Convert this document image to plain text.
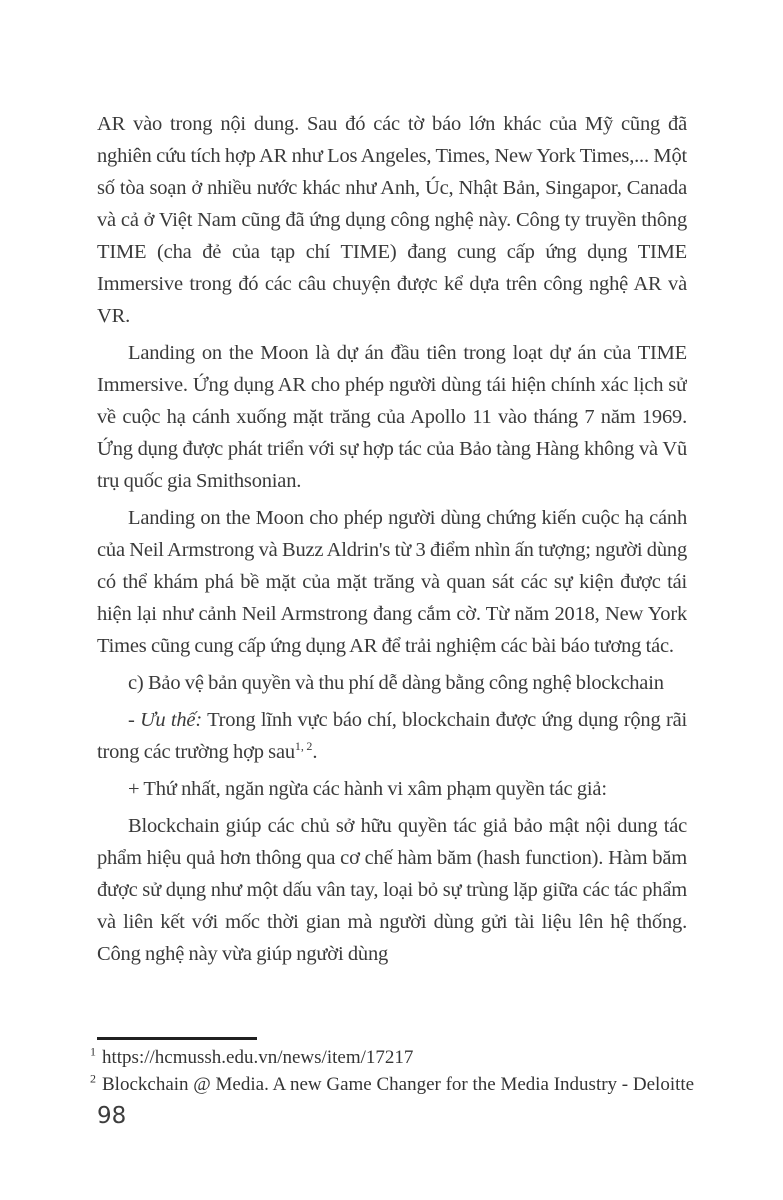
AR vào trong nội dung. Sau đó các tờ báo lớn khác của Mỹ cũng đã nghiên cứu tích hợp AR như Los Angeles, Times, New York Times,... Một số tòa soạn ở nhiều nước khác như Anh, Úc, Nhật Bản, Singapor, Canada và cả ở Việt Nam cũng đã ứng dụng công nghệ này. Công ty truyền thông TIME (cha đẻ của tạp chí TIME) đang cung cấp ứng dụng TIME Immersive trong đó các câu chuyện được kể dựa trên công nghệ AR và VR.

Landing on the Moon là dự án đầu tiên trong loạt dự án của TIME Immersive. Ứng dụng AR cho phép người dùng tái hiện chính xác lịch sử về cuộc hạ cánh xuống mặt trăng của Apollo 11 vào tháng 7 năm 1969. Ứng dụng được phát triển với sự hợp tác của Bảo tàng Hàng không và Vũ trụ quốc gia Smithsonian.

Landing on the Moon cho phép người dùng chứng kiến cuộc hạ cánh của Neil Armstrong và Buzz Aldrin's từ 3 điểm nhìn ấn tượng; người dùng có thể khám phá bề mặt của mặt trăng và quan sát các sự kiện được tái hiện lại như cảnh Neil Armstrong đang cắm cờ. Từ năm 2018, New York Times cũng cung cấp ứng dụng AR để trải nghiệm các bài báo tương tác.

c) Bảo vệ bản quyền và thu phí dễ dàng bằng công nghệ blockchain

- Ưu thế: Trong lĩnh vực báo chí, blockchain được ứng dụng rộng rãi trong các trường hợp sau$^{1, 2}$.

+ Thứ nhất, ngăn ngừa các hành vi xâm phạm quyền tác giả:

Blockchain giúp các chủ sở hữu quyền tác giả bảo mật nội dung tác phẩm hiệu quả hơn thông qua cơ chế hàm băm (hash function). Hàm băm được sử dụng như một dấu vân tay, loại bỏ sự trùng lặp giữa các tác phẩm và liên kết với mốc thời gian mà người dùng gửi tài liệu lên hệ thống. Công nghệ này vừa giúp người dùng

$^1$ https://hcmussh.edu.vn/news/item/17217
$^2$ Blockchain @ Media. A new Game Changer for the Media Industry - Deloitte
98
